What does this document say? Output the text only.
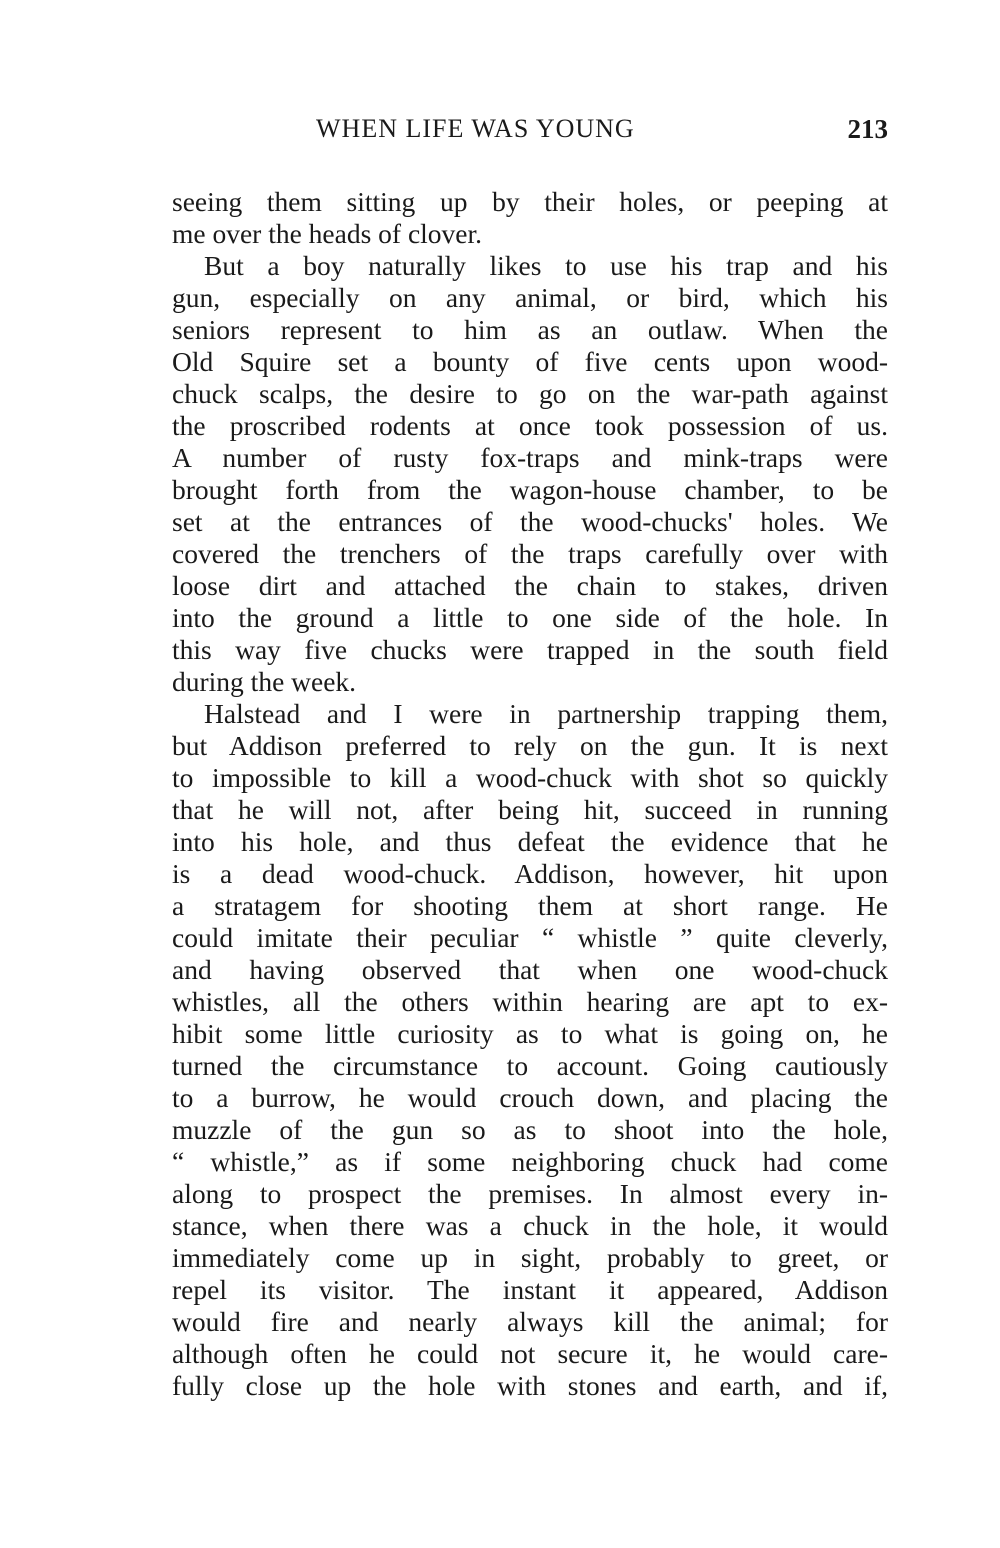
WHEN LIFE WAS YOUNG	213
seeing them sitting up by their holes, or peeping at
me over the heads of clover.
But a boy naturally likes to use his trap and his
gun, especially on any animal, or bird, which his
seniors represent to him as an outlaw. When the
Old Squire set a bounty of five cents upon wood-
chuck scalps, the desire to go on the war-path against
the proscribed rodents at once took possession of us.
A number of rusty fox-traps and mink-traps were
brought forth from the wagon-house chamber, to be
set at the entrances of the wood-chucks' holes. We
covered the trenchers of the traps carefully over with
loose dirt and attached the chain to stakes, driven
into the ground a little to one side of the hole. In
this way five chucks were trapped in the south field
during the week.
Halstead and I were in partnership trapping them,
but Addison preferred to rely on the gun. It is next
to impossible to kill a wood-chuck with shot so quickly
that he will not, after being hit, succeed in running
into his hole, and thus defeat the evidence that he
is a dead wood-chuck. Addison, however, hit upon
a stratagem for shooting them at short range. He
could imitate their peculiar “ whistle ” quite cleverly,
and having observed that when one wood-chuck
whistles, all the others within hearing are apt to ex-
hibit some little curiosity as to what is going on, he
turned the circumstance to account. Going cautiously
to a burrow, he would crouch down, and placing the
muzzle of the gun so as to shoot into the hole,
“ whistle,” as if some neighboring chuck had come
along to prospect the premises. In almost every in-
stance, when there was a chuck in the hole, it would
immediately come up in sight, probably to greet, or
repel its visitor. The instant it appeared, Addison
would fire and nearly always kill the animal; for
although often he could not secure it, he would care-
fully close up the hole with stones and earth, and if,
